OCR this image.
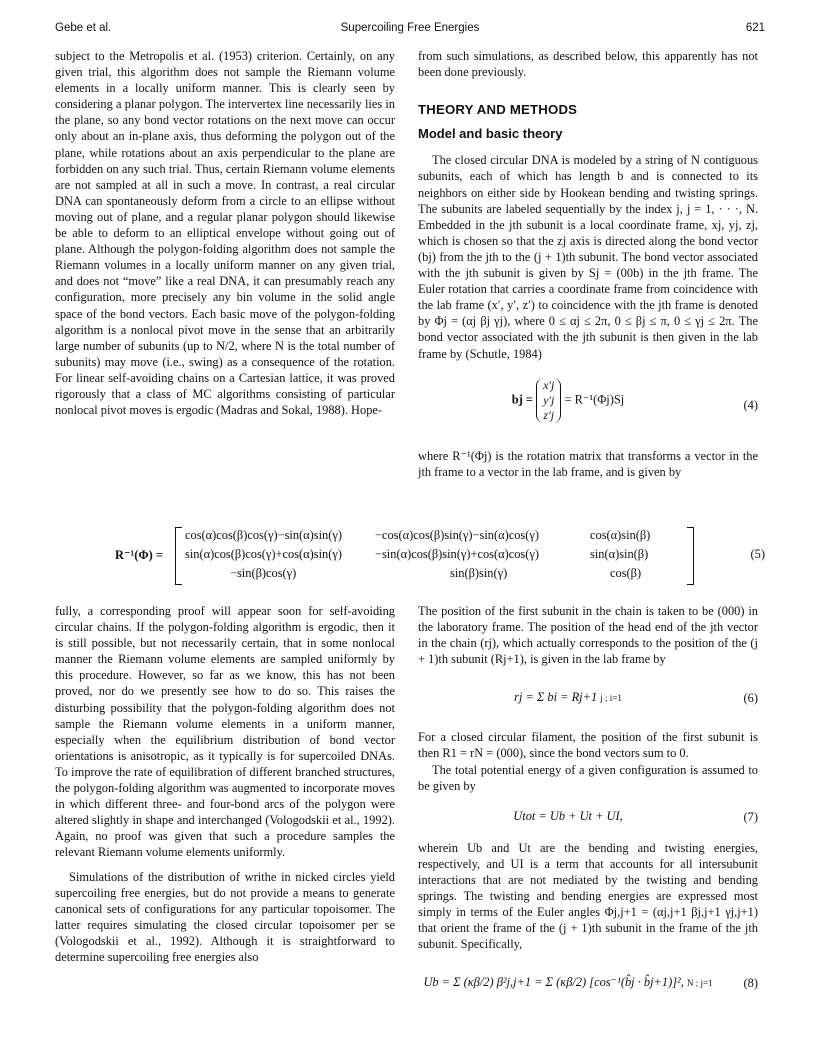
Gebe et al.	Supercoiling Free Energies	621

subject to the Metropolis et al. (1953) criterion. Certainly, on any given trial, this algorithm does not sample the Riemann volume elements in a locally uniform manner. This is clearly seen by considering a planar polygon. The intervertex line necessarily lies in the plane, so any bond vector rotations on the next move can occur only about an in-plane axis, thus deforming the polygon out of the plane, while rotations about an axis perpendicular to the plane are forbidden on any such trial. Thus, certain Riemann volume elements are not sampled at all in such a move. In contrast, a real circular DNA can spontaneously deform from a circle to an ellipse without moving out of plane, and a regular planar polygon should likewise be able to deform to an elliptical envelope without going out of plane. Although the polygon-folding algorithm does not sample the Riemann volumes in a locally uniform manner on any given trial, and does not “move” like a real DNA, it can presumably reach any configuration, more precisely any bin volume in the solid angle space of the bond vectors. Each basic move of the polygon-folding algorithm is a nonlocal pivot move in the sense that an arbitrarily large number of subunits (up to N/2, where N is the total number of subunits) may move (i.e., swing) as a consequence of the rotation. For linear self-avoiding chains on a Cartesian lattice, it was proved rigorously that a class of MC algorithms consisting of particular nonlocal pivot moves is ergodic (Madras and Sokal, 1988). Hope-

from such simulations, as described below, this apparently has not been done previously.

THEORY AND METHODS
Model and basic theory

The closed circular DNA is modeled by a string of N contiguous subunits, each of which has length b and is connected to its neighbors on either side by Hookean bending and twisting springs. The subunits are labeled sequentially by the index j, j = 1, · · ·, N. Embedded in the jth subunit is a local coordinate frame, xj, yj, zj, which is chosen so that the zj axis is directed along the bond vector (bj) from the jth to the (j + 1)th subunit. The bond vector associated with the jth subunit is given by Sj = (00b) in the jth frame. The Euler rotation that carries a coordinate frame from coincidence with the lab frame (x′, y′, z′) to coincidence with the jth frame is denoted by Φj = (αj βj γj), where 0 ≤ αj ≤ 2π, 0 ≤ βj ≤ π, 0 ≤ γj ≤ 2π. The bond vector associated with the jth subunit is then given in the lab frame by (Schutle, 1984)

bj = x′j
y′j
z′j = R⁻¹(Φj)Sj	(4)

where R⁻¹(Φj) is the rotation matrix that transforms a vector in the jth frame to a vector in the lab frame, and is given by

R⁻¹(Φ) =
cos(α)cos(β)cos(γ)−sin(α)sin(γ)	−cos(α)cos(β)sin(γ)−sin(α)cos(γ)	cos(α)sin(β)
sin(α)cos(β)cos(γ)+cos(α)sin(γ)	−sin(α)cos(β)sin(γ)+cos(α)cos(γ)	sin(α)sin(β)
−sin(β)cos(γ)	sin(β)sin(γ)	cos(β)
(5)

fully, a corresponding proof will appear soon for self-avoiding circular chains. If the polygon-folding algorithm is ergodic, then it is still possible, but not necessarily certain, that in some nonlocal manner the Riemann volume elements are sampled uniformly by this procedure. However, so far as we know, this has not been proved, nor do we presently see how to do so. This raises the disturbing possibility that the polygon-folding algorithm does not sample the Riemann volume elements in a uniform manner, especially when the equilibrium distribution of bond vector orientations is anisotropic, as it typically is for supercoiled DNAs. To improve the rate of equilibration of different branched structures, the polygon-folding algorithm was augmented to incorporate moves in which different three- and four-bond arcs of the polygon were altered slightly in shape and interchanged (Vologodskii et al., 1992). Again, no proof was given that such a procedure samples the relevant Riemann volume elements uniformly.

Simulations of the distribution of writhe in nicked circles yield supercoiling free energies, but do not provide a means to generate canonical sets of configurations for any particular topoisomer. The latter requires simulating the closed circular topoisomer per se (Vologodskii et al., 1992). Although it is straightforward to determine supercoiling free energies also

The position of the first subunit in the chain is taken to be (000) in the laboratory frame. The position of the head end of the jth vector in the chain (rj), which actually corresponds to the position of the (j + 1)th subunit (Rj+1), is given in the lab frame by

rj = Σ bi = Rj+1 j ; i=1	(6)

For a closed circular filament, the position of the first subunit is then R1 = rN = (000), since the bond vectors sum to 0.

The total potential energy of a given configuration is assumed to be given by

Utot = Ub + Ut + UI,	(7)

wherein Ub and Ut are the bending and twisting energies, respectively, and UI is a term that accounts for all intersubunit interactions that are not mediated by the twisting and bending springs. The twisting and bending energies are expressed most simply in terms of the Euler angles Φj,j+1 = (αj,j+1 βj,j+1 γj,j+1) that orient the frame of the (j + 1)th subunit in the frame of the jth subunit. Specifically,

Ub = Σ (κβ/2) β²j,j+1 = Σ (κβ/2) [cos⁻¹(b̂j · b̂j+1)]², N ; j=1	(8)
